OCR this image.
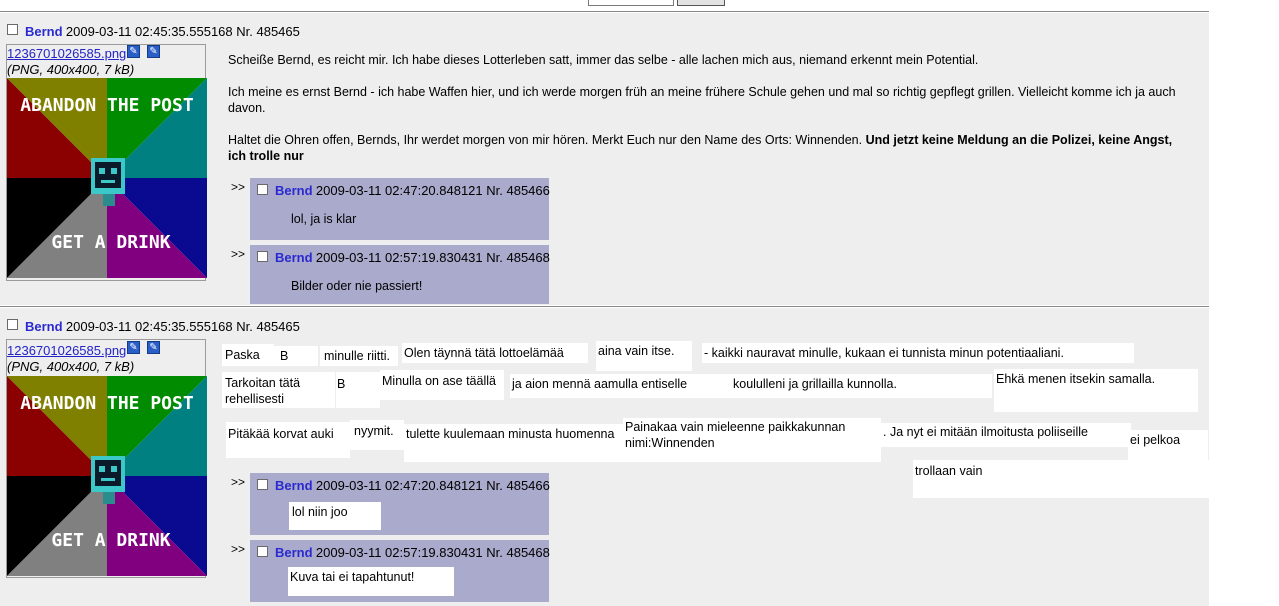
Bernd 2009-03-11 02:45:35.555168 Nr. 485465
1236701026585.png ✎ ✎
(PNG, 400x400, 7 kB)
ABANDON THE POST
GET A DRINK
Scheiße Bernd, es reicht mir. Ich habe dieses Lotterleben satt, immer das selbe - alle lachen mich aus, niemand erkennt mein Potential.
Ich meine es ernst Bernd - ich habe Waffen hier, und ich werde morgen früh an meine frühere Schule gehen und mal so richtig gepflegt grillen. Vielleicht komme ich ja auch davon.
Haltet die Ohren offen, Bernds, Ihr werdet morgen von mir hören. Merkt Euch nur den Name des Orts: Winnenden. Und jetzt keine Meldung an die Polizei, keine Angst, ich trolle nur
>> Bernd 2009-03-11 02:47:20.848121 Nr. 485466
lol, ja is klar
>> Bernd 2009-03-11 02:57:19.830431 Nr. 485468
Bilder oder nie passiert!
Bernd 2009-03-11 02:45:35.555168 Nr. 485465
1236701026585.png ✎ ✎
(PNG, 400x400, 7 kB)
ABANDON THE POST
GET A DRINK
Paska	B	minulle riitti.	Olen täynnä tätä lottoelämää	aina vain itse.	- kaikki nauravat minulle, kukaan ei tunnista minun potentiaaliani.
Tarkoitan tätä rehellisesti
B	Minulla on ase täällä	ja aion mennä aamulla entiselle	koululleni ja grillailla kunnolla.	Ehkä menen itsekin samalla.
Pitäkää korvat auki	nyymit. tulette kuulemaan minusta huomenna Painakaa vain mieleenne paikkakunnan nimi:Winnenden
. Ja nyt ei mitään ilmoitusta poliiseille
ei pelkoa
trollaan vain
>> Bernd 2009-03-11 02:47:20.848121 Nr. 485466
lol niin joo
>> Bernd 2009-03-11 02:57:19.830431 Nr. 485468
Kuva tai ei tapahtunut!
